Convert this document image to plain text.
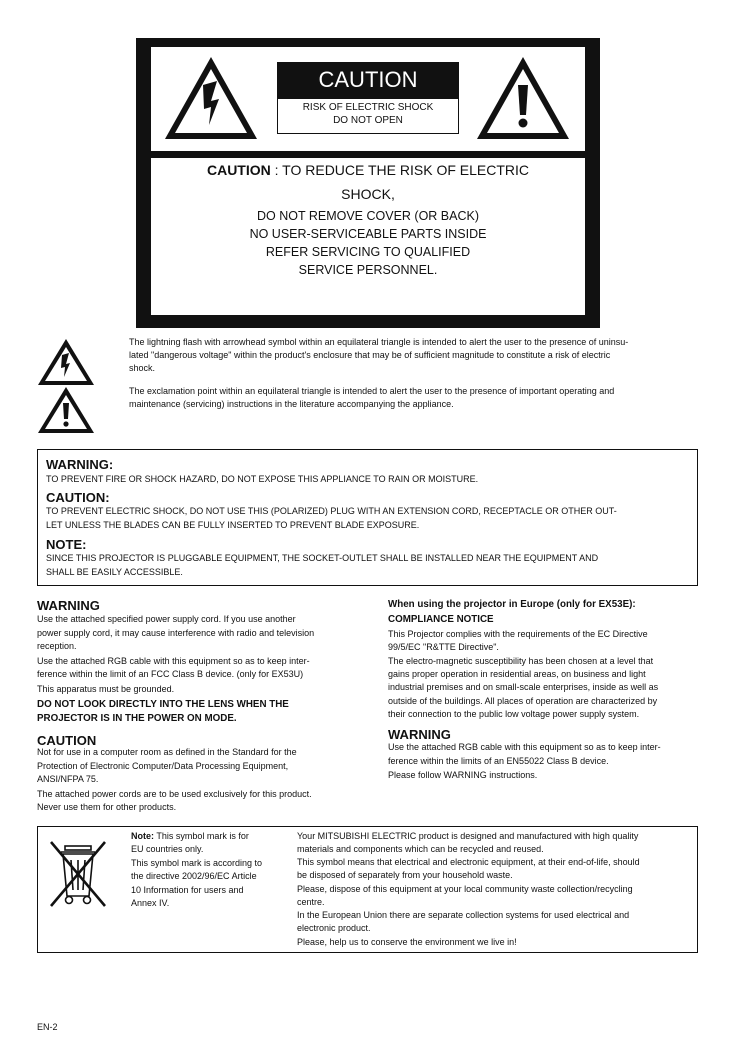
CAUTION
RISK OF ELECTRIC SHOCK
DO NOT OPEN
CAUTION : TO REDUCE THE RISK OF ELECTRIC
SHOCK,
DO NOT REMOVE COVER (OR BACK)
NO USER-SERVICEABLE PARTS INSIDE
REFER SERVICING TO QUALIFIED
SERVICE PERSONNEL.
The lightning flash with arrowhead symbol within an equilateral triangle is intended to alert the user to the presence of uninsu-
lated "dangerous voltage" within the product's enclosure that may be of sufficient magnitude to constitute a risk of electric
shock.
The exclamation point within an equilateral triangle is intended to alert the user to the presence of important operating and
maintenance (servicing) instructions in the literature accompanying the appliance.
WARNING:
TO PREVENT FIRE OR SHOCK HAZARD, DO NOT EXPOSE THIS APPLIANCE TO RAIN OR MOISTURE.
CAUTION:
TO PREVENT ELECTRIC SHOCK, DO NOT USE THIS (POLARIZED) PLUG WITH AN EXTENSION CORD, RECEPTACLE OR OTHER OUT-
LET UNLESS THE BLADES CAN BE FULLY INSERTED TO PREVENT BLADE EXPOSURE.
NOTE:
SINCE THIS PROJECTOR IS PLUGGABLE EQUIPMENT, THE SOCKET-OUTLET SHALL BE INSTALLED NEAR THE EQUIPMENT AND
SHALL BE EASILY ACCESSIBLE.
WARNING
Use the attached specified power supply cord. If you use another
power supply cord, it may cause interference with radio and television
reception.
Use the attached RGB cable with this equipment so as to keep inter-
ference within the limit of an FCC Class B device. (only for EX53U)
This apparatus must be grounded.
DO NOT LOOK DIRECTLY INTO THE LENS WHEN THE
PROJECTOR IS IN THE POWER ON MODE.
CAUTION
Not for use in a computer room as defined in the Standard for the
Protection of Electronic Computer/Data Processing Equipment,
ANSI/NFPA 75.
The attached power cords are to be used exclusively for this product.
Never use them for other products.
When using the projector in Europe (only for EX53E):
COMPLIANCE NOTICE
This Projector complies with the requirements of the EC Directive
99/5/EC "R&TTE Directive".
The electro-magnetic susceptibility has been chosen at a level that
gains proper operation in residential areas, on business and light
industrial premises and on small-scale enterprises, inside as well as
outside of the buildings. All places of operation are characterized by
their connection to the public low voltage power supply system.
WARNING
Use the attached RGB cable with this equipment so as to keep inter-
ference within the limits of an EN55022 Class B device.
Please follow WARNING instructions.
Note: This symbol mark is for
EU countries only.
This symbol mark is according to
the directive 2002/96/EC Article
10 Information for users and
Annex IV.
Your MITSUBISHI ELECTRIC product is designed and manufactured with high quality
materials and components which can be recycled and reused.
This symbol means that electrical and electronic equipment, at their end-of-life, should
be disposed of separately from your household waste.
Please, dispose of this equipment at your local community waste collection/recycling
centre.
In the European Union there are separate collection systems for used electrical and
electronic product.
Please, help us to conserve the environment we live in!
EN-2
